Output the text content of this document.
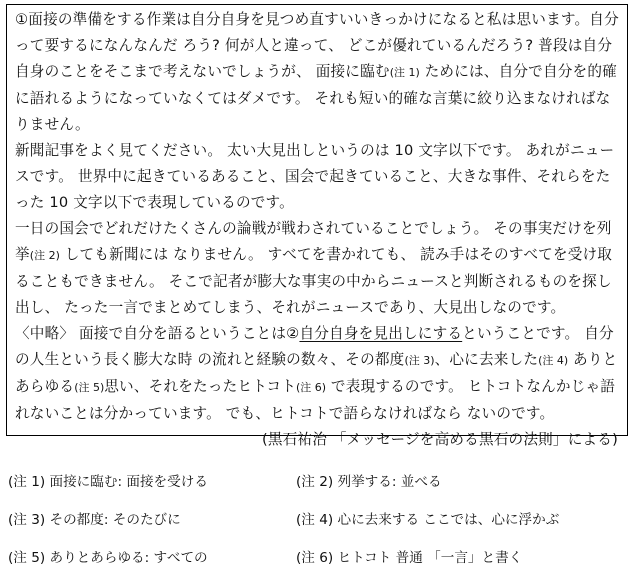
①面接の準備をする作業は自分自身を見つめ直すいいきっかけになると私は思います。自分って要するになんなんだ ろう? 何が人と違って、 どこが優れているんだろう? 普段は自分自身のことをそこまで考えないでしょうが、 面接に臨む(注 1) ためには、自分で自分を的確に語れるようになっていなくてはダメです。 それも短い的確な言葉に絞り込まなければなりません。

新聞記事をよく見てください。 太い大見出しというのは 10 文字以下です。 あれがニュースです。 世界中に起きているあること、国会で起きていること、大きな事件、それらをたった 10 文字以下で表現しているのです。

一日の国会でどれだけたくさんの論戦が戦わされていることでしょう。 その事実だけを列挙(注 2) しても新聞には なりません。 すべてを書かれても、 読み手はそのすべてを受け取ることもできません。 そこで記者が膨大な事実の中からニュースと判断されるものを探し出し、 たった一言でまとめてしまう、それがニュースであり、大見出しなのです。

〈中略〉 面接で自分を語るということは②自分自身を見出しにするということです。 自分の人生という長く膨大な時 の流れと経験の数々、その都度(注 3)、心に去来した(注 4) ありとあらゆる(注 5)思い、それをたったヒトコト(注 6) で表現するのです。 ヒトコトなんかじゃ語れないことは分かっています。 でも、ヒトコトで語らなければなら ないのです。

(黒石祐治 「メッセージを高める黒石の法則」による)

(注 1) 面接に臨む: 面接を受ける	(注 2) 列挙する: 並べる
(注 3) その都度: そのたびに	(注 4) 心に去来する ここでは、心に浮かぶ
(注 5) ありとあらゆる: すべての	(注 6) ヒトコト 普通 「一言」と書く
